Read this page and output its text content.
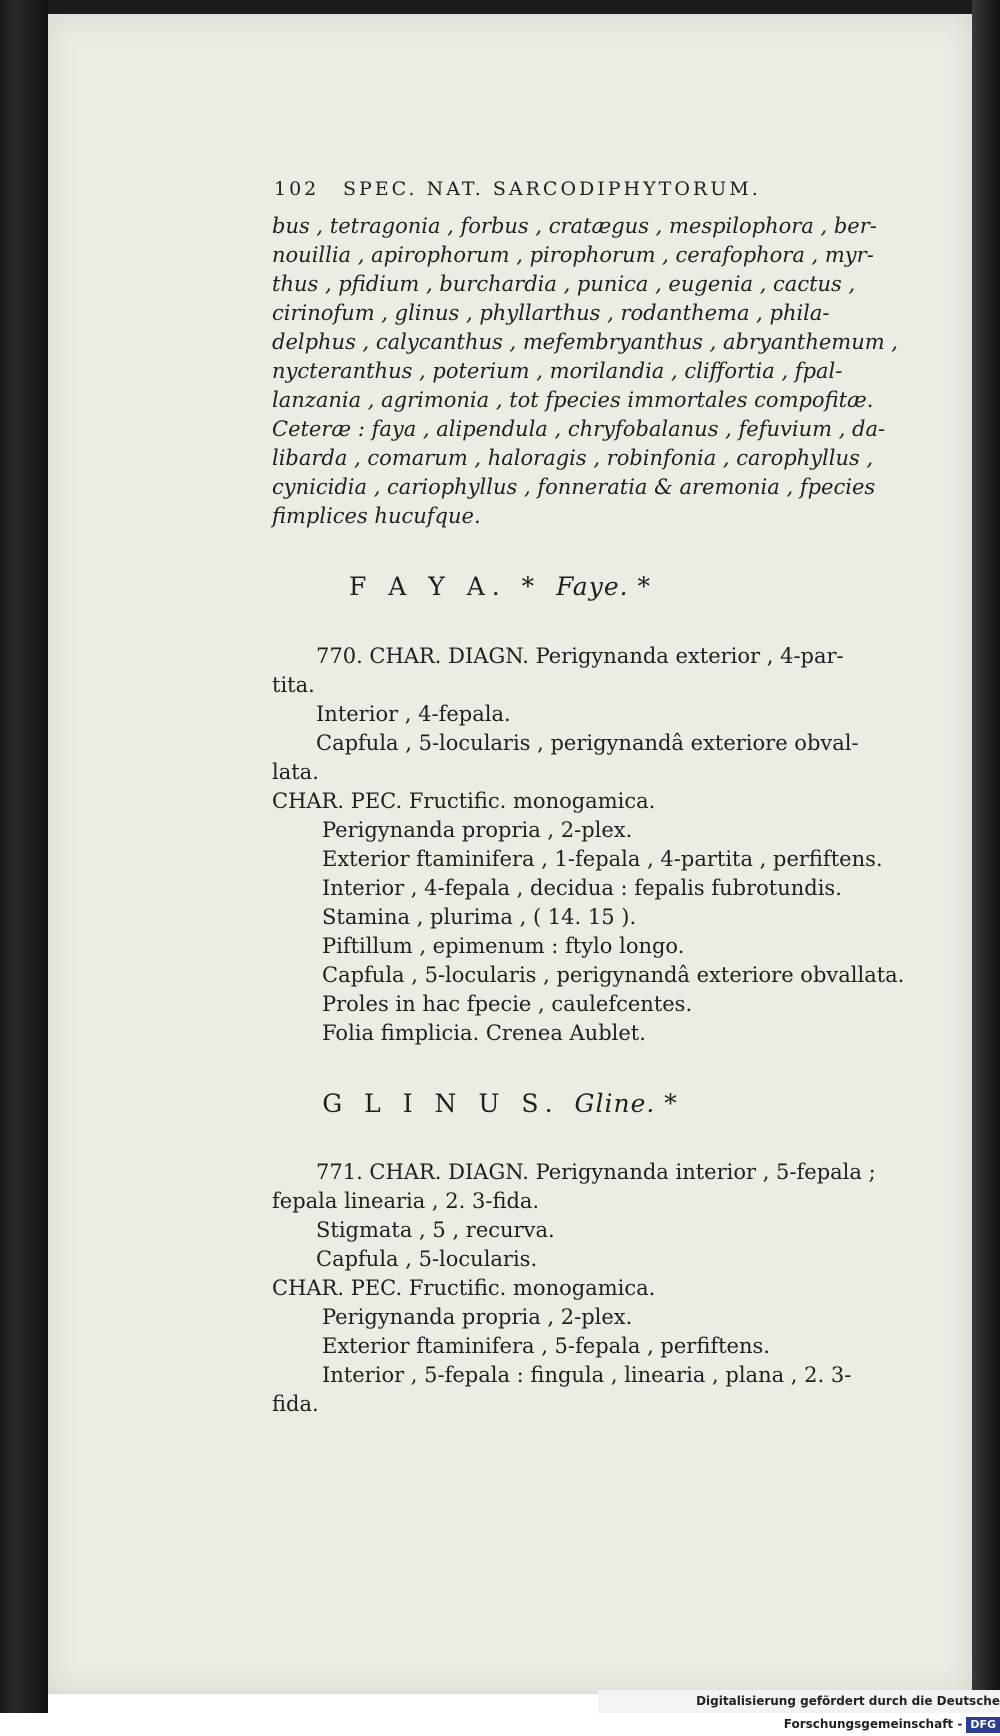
102 SPEC. NAT. SARCODIPHYTORUM.
bus , tetragonia , forbus , cratægus , mespilophora , ber-
nouillia , apirophorum , pirophorum , cerafophora , myr-
thus , pfidium , burchardia , punica , eugenia , cactus ,
cirinofum , glinus , phyllarthus , rodanthema , phila-
delphus , calycanthus , mefembryanthus , abryanthemum ,
nycteranthus , poterium , morilandia , cliffortia , fpal-
lanzania , agrimonia , tot fpecies immortales compofitæ.
Ceteræ : faya , alipendula , chryfobalanus , fefuvium , da-
libarda , comarum , haloragis , robinfonia , carophyllus ,
cynicidia , cariophyllus , fonneratia & aremonia , fpecies
fimplices hucufque.
F A Y A. * Faye. *
770. CHAR. DIAGN. Perigynanda exterior , 4-par-
tita.
Interior , 4-fepala.
Capfula , 5-locularis , perigynandâ exteriore obval-
lata.
CHAR. PEC. Fructific. monogamica.
Perigynanda propria , 2-plex.
Exterior ftaminifera , 1-fepala , 4-partita , perfiftens.
Interior , 4-fepala , decidua : fepalis fubrotundis.
Stamina , plurima , ( 14. 15 ).
Piftillum , epimenum : ftylo longo.
Capfula , 5-locularis , perigynandâ exteriore obvallata.
Proles in hac fpecie , caulefcentes.
Folia fimplicia. Crenea Aublet.
G L I N U S. Gline. *
771. CHAR. DIAGN. Perigynanda interior , 5-fepala ;
fepala linearia , 2. 3-fida.
Stigmata , 5 , recurva.
Capfula , 5-locularis.
CHAR. PEC. Fructific. monogamica.
Perigynanda propria , 2-plex.
Exterior ftaminifera , 5-fepala , perfiftens.
Interior , 5-fepala : fingula , linearia , plana , 2. 3-
fida.
Digitalisierung gefördert durch die Deutsche Forschungsgemeinschaft - DFG
